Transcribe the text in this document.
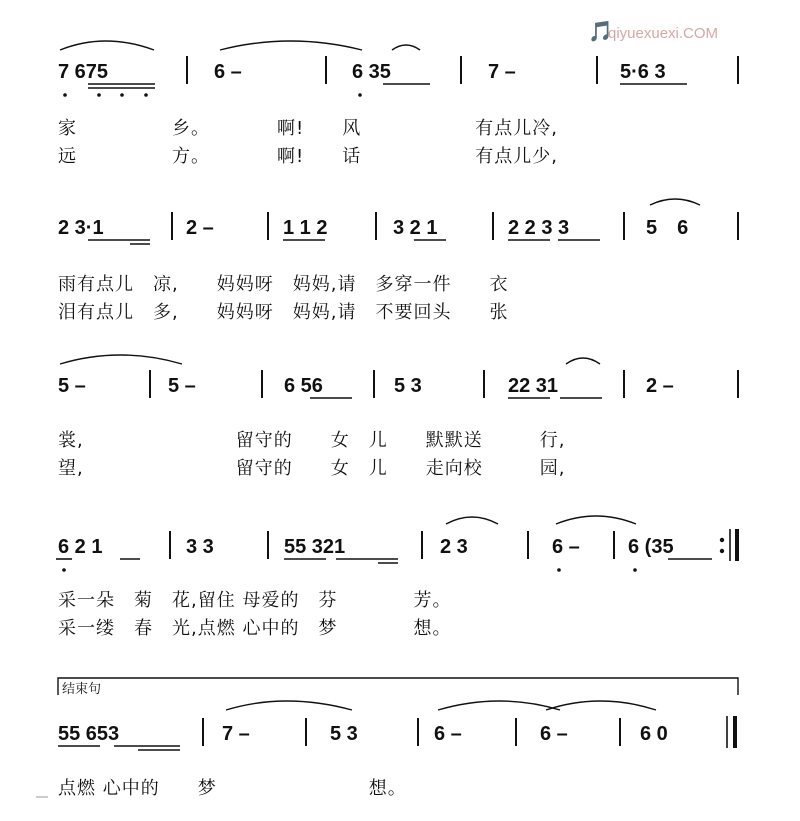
🎵
qiyuexuexi.COM
7 675	6 –	6 35	7 –	5·6 3
家　　　　　乡。　　　　啊!　　风　　　　　　有点儿冷,
远　　　　　方。　　　　啊!　　话　　　　　　有点儿少,
2 3·1	2 –	1 1 2	3 2 1	2 2 3 3	5　6
雨有点儿　凉,　　妈妈呀　妈妈,请　多穿一件　　衣
泪有点儿　多,　　妈妈呀　妈妈,请　不要回头　　张
5 –	5 –	6 56	5 3	22 31	2 –
裳,　　　　　　　　留守的　　女　儿　　默默送　　　行,
望,　　　　　　　　留守的　　女　儿　　走向校　　　园,
6 2 1	3 3	55 321	2 3	6 – 6 (35
采一朵　菊　花,留住 母爱的　芬　　　　芳。
采一缕　春　光,点燃 心中的　梦　　　　想。
结束句
55 653	7 –	5 3	6 –	6 –	6 0
点燃 心中的　　梦　　　　　　　　想。
